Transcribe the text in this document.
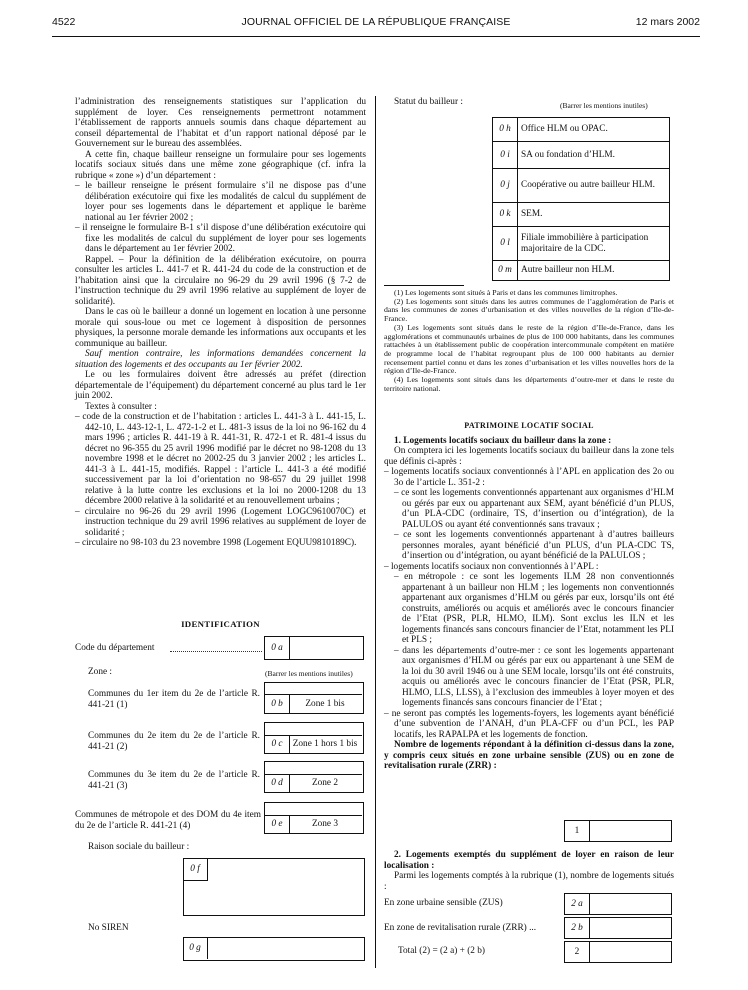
4522	JOURNAL OFFICIEL DE LA RÉPUBLIQUE FRANÇAISE	12 mars 2002

l’administration des renseignements statistiques sur l’application du supplément de loyer. Ces renseignements permettront notamment l’établissement de rapports annuels soumis dans chaque département au conseil départemental de l’habitat et d’un rapport national déposé par le Gouvernement sur le bureau des assemblées.

A cette fin, chaque bailleur renseigne un formulaire pour ses logements locatifs sociaux situés dans une même zone géographique (cf. infra la rubrique « zone ») d’un département :

– le bailleur renseigne le présent formulaire s’il ne dispose pas d’une délibération exécutoire qui fixe les modalités de calcul du supplément de loyer pour ses logements dans le département et applique le barème national au 1er février 2002 ;

– il renseigne le formulaire B-1 s’il dispose d’une délibération exécutoire qui fixe les modalités de calcul du supplément de loyer pour ses logements dans le département au 1er février 2002.

Rappel. – Pour la définition de la délibération exécutoire, on pourra consulter les articles L. 441-7 et R. 441-24 du code de la construction et de l’habitation ainsi que la circulaire no 96-29 du 29 avril 1996 (§ 7-2 de l’instruction technique du 29 avril 1996 relative au supplément de loyer de solidarité).

Dans le cas où le bailleur a donné un logement en location à une personne morale qui sous-loue ou met ce logement à disposition de personnes physiques, la personne morale demande les informations aux occupants et les communique au bailleur.

Sauf mention contraire, les informations demandées concernent la situation des logements et des occupants au 1er février 2002.

Le ou les formulaires doivent être adressés au préfet (direction départementale de l’équipement) du département concerné au plus tard le 1er juin 2002.

Textes à consulter :

– code de la construction et de l’habitation : articles L. 441-3 à L. 441-15, L. 442-10, L. 443-12-1, L. 472-1-2 et L. 481-3 issus de la loi no 96-162 du 4 mars 1996 ; articles R. 441-19 à R. 441-31, R. 472-1 et R. 481-4 issus du décret no 96-355 du 25 avril 1996 modifié par le décret no 98-1208 du 13 novembre 1998 et le décret no 2002-25 du 3 janvier 2002 ; les articles L. 441-3 à L. 441-15, modifiés. Rappel : l’article L. 441-3 a été modifié successivement par la loi d’orientation no 98-657 du 29 juillet 1998 relative à la lutte contre les exclusions et la loi no 2000-1208 du 13 décembre 2000 relative à la solidarité et au renouvellement urbains ;

– circulaire no 96-26 du 29 avril 1996 (Logement LOGC9610070C) et instruction technique du 29 avril 1996 relatives au supplément de loyer de solidarité ;

– circulaire no 98-103 du 23 novembre 1998 (Logement EQUU9810189C).

IDENTIFICATION
Code du département	0 a
Zone :	(Barrer les mentions inutiles)
Communes du 1er item du 2e de l’article R. 441-21 (1)	0 b	Zone 1 bis
Communes du 2e item du 2e de l’article R. 441-21 (2)	0 c	Zone 1 hors 1 bis
Communes du 3e item du 2e de l’article R. 441-21 (3)	0 d	Zone 2
Communes de métropole et des DOM du 4e item du 2e de l’article R. 441-21 (4)	0 e	Zone 3
Raison sociale du bailleur :
0 f
No SIREN
0 g
Statut du bailleur :	(Barrer les mentions inutiles)
0 h	Office HLM ou OPAC.
0 i	SA ou fondation d’HLM.
0 j	Coopérative ou autre bailleur HLM.
0 k	SEM.
0 l	Filiale immobilière à participation majoritaire de la CDC.
0 m	Autre bailleur non HLM.

(1) Les logements sont situés à Paris et dans les communes limitrophes.

(2) Les logements sont situés dans les autres communes de l’agglomération de Paris et dans les communes de zones d’urbanisation et des villes nouvelles de la région d’Ile-de-France.

(3) Les logements sont situés dans le reste de la région d’Ile-de-France, dans les agglomérations et communautés urbaines de plus de 100 000 habitants, dans les communes rattachées à un établissement public de coopération intercommunale compétent en matière de programme local de l’habitat regroupant plus de 100 000 habitants au dernier recensement partiel connu et dans les zones d’urbanisation et les villes nouvelles hors de la région d’Ile-de-France.

(4) Les logements sont situés dans les départements d’outre-mer et dans le reste du territoire national.

PATRIMOINE LOCATIF SOCIAL

1. Logements locatifs sociaux du bailleur dans la zone :

On comptera ici les logements locatifs sociaux du bailleur dans la zone tels que définis ci-après :

– logements locatifs sociaux conventionnés à l’APL en application des 2o ou 3o de l’article L. 351-2 :

– ce sont les logements conventionnés appartenant aux organismes d’HLM ou gérés par eux ou appartenant aux SEM, ayant bénéficié d’un PLUS, d’un PLA-CDC (ordinaire, TS, d’insertion ou d’intégration), de la PALULOS ou ayant été conventionnés sans travaux ;

– ce sont les logements conventionnés appartenant à d’autres bailleurs personnes morales, ayant bénéficié d’un PLUS, d’un PLA-CDC TS, d’insertion ou d’intégration, ou ayant bénéficié de la PALULOS ;

– logements locatifs sociaux non conventionnés à l’APL :

– en métropole : ce sont les logements ILM 28 non conventionnés appartenant à un bailleur non HLM ; les logements non conventionnés appartenant aux organismes d’HLM ou gérés par eux, lorsqu’ils ont été construits, améliorés ou acquis et améliorés avec le concours financier de l’Etat (PSR, PLR, HLMO, ILM). Sont exclus les ILN et les logements financés sans concours financier de l’Etat, notamment les PLI et PLS ;

– dans les départements d’outre-mer : ce sont les logements appartenant aux organismes d’HLM ou gérés par eux ou appartenant à une SEM de la loi du 30 avril 1946 ou à une SEM locale, lorsqu’ils ont été construits, acquis ou améliorés avec le concours financier de l’Etat (PSR, PLR, HLMO, LLS, LLSS), à l’exclusion des immeubles à loyer moyen et des logements financés sans concours financier de l’Etat ;

– ne seront pas comptés les logements-foyers, les logements ayant bénéficié d’une subvention de l’ANAH, d’un PLA-CFF ou d’un PCL, les PAP locatifs, les RAPALPA et les logements de fonction.

Nombre de logements répondant à la définition ci-dessus dans la zone, y compris ceux situés en zone urbaine sensible (ZUS) ou en zone de revitalisation rurale (ZRR) :

1

2. Logements exemptés du supplément de loyer en raison de leur localisation :

Parmi les logements comptés à la rubrique (1), nombre de logements situés :

En zone urbaine sensible (ZUS)	2 a
En zone de revitalisation rurale (ZRR) ...	2 b
Total (2) = (2 a) + (2 b)	2
